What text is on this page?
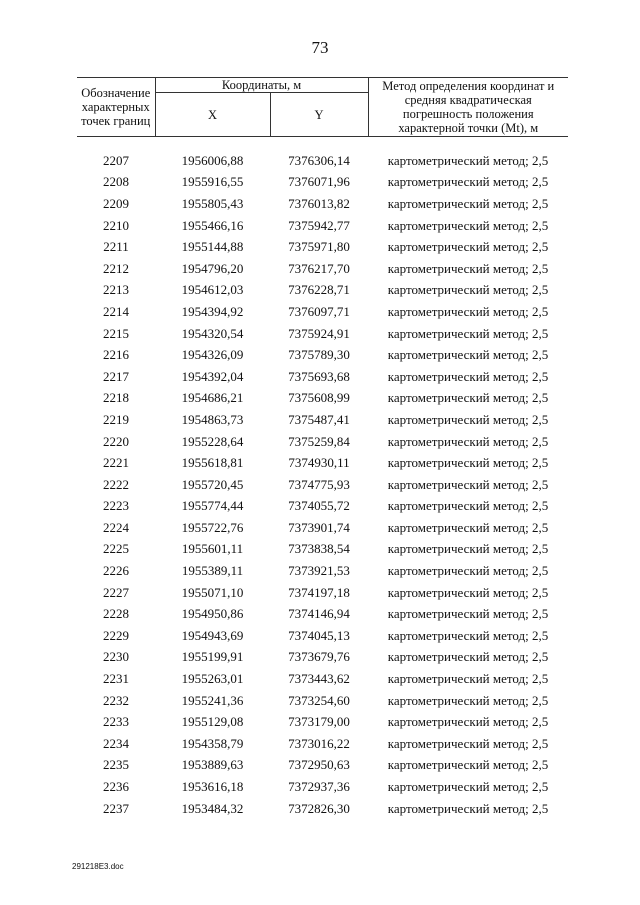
73
Обозначение характерных точек границ	Координаты, м		Метод определения координат и средняя квадратическая погрешность положения характерной точки (Mt), м
	X	Y	
2207	1956006,88	7376306,14	картометрический метод; 2,5
2208	1955916,55	7376071,96	картометрический метод; 2,5
2209	1955805,43	7376013,82	картометрический метод; 2,5
2210	1955466,16	7375942,77	картометрический метод; 2,5
2211	1955144,88	7375971,80	картометрический метод; 2,5
2212	1954796,20	7376217,70	картометрический метод; 2,5
2213	1954612,03	7376228,71	картометрический метод; 2,5
2214	1954394,92	7376097,71	картометрический метод; 2,5
2215	1954320,54	7375924,91	картометрический метод; 2,5
2216	1954326,09	7375789,30	картометрический метод; 2,5
2217	1954392,04	7375693,68	картометрический метод; 2,5
2218	1954686,21	7375608,99	картометрический метод; 2,5
2219	1954863,73	7375487,41	картометрический метод; 2,5
2220	1955228,64	7375259,84	картометрический метод; 2,5
2221	1955618,81	7374930,11	картометрический метод; 2,5
2222	1955720,45	7374775,93	картометрический метод; 2,5
2223	1955774,44	7374055,72	картометрический метод; 2,5
2224	1955722,76	7373901,74	картометрический метод; 2,5
2225	1955601,11	7373838,54	картометрический метод; 2,5
2226	1955389,11	7373921,53	картометрический метод; 2,5
2227	1955071,10	7374197,18	картометрический метод; 2,5
2228	1954950,86	7374146,94	картометрический метод; 2,5
2229	1954943,69	7374045,13	картометрический метод; 2,5
2230	1955199,91	7373679,76	картометрический метод; 2,5
2231	1955263,01	7373443,62	картометрический метод; 2,5
2232	1955241,36	7373254,60	картометрический метод; 2,5
2233	1955129,08	7373179,00	картометрический метод; 2,5
2234	1954358,79	7373016,22	картометрический метод; 2,5
2235	1953889,63	7372950,63	картометрический метод; 2,5
2236	1953616,18	7372937,36	картометрический метод; 2,5
2237	1953484,32	7372826,30	картометрический метод; 2,5
291218E3.doc
